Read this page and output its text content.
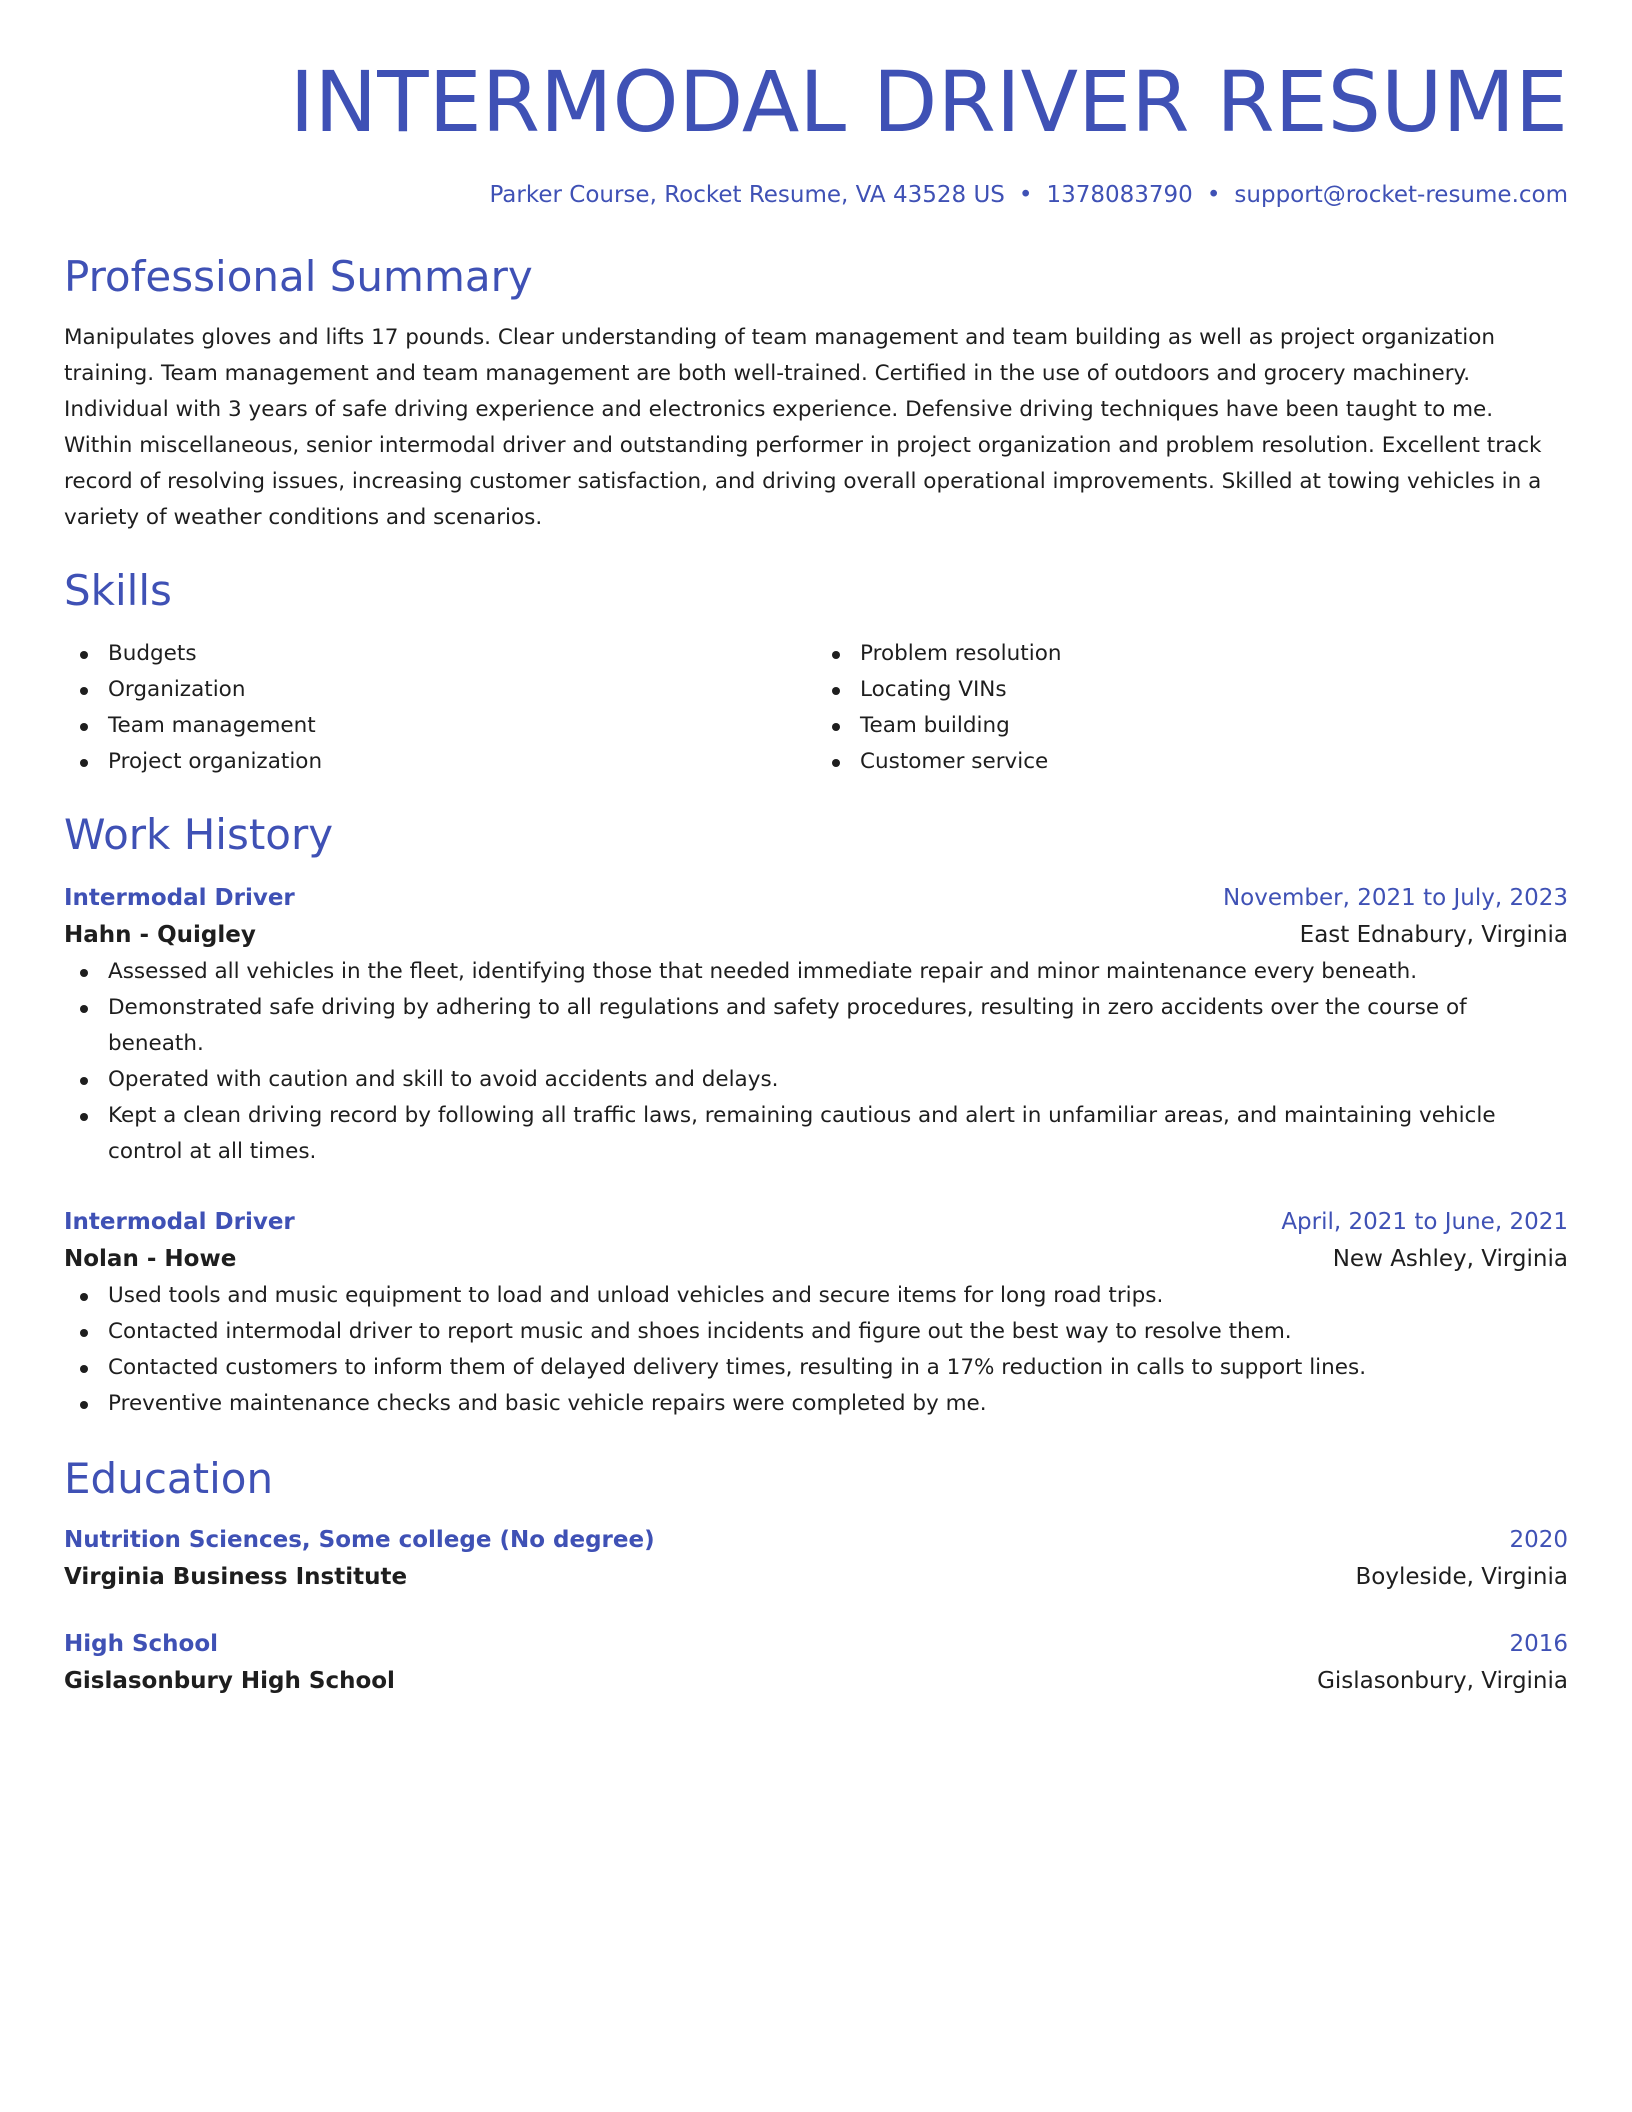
INTERMODAL DRIVER RESUME
Parker Course, Rocket Resume, VA 43528 US • 1378083790 • support@rocket-resume.com
Professional Summary
Manipulates gloves and lifts 17 pounds. Clear understanding of team management and team building as well as project organization training. Team management and team management are both well-trained. Certified in the use of outdoors and grocery machinery. Individual with 3 years of safe driving experience and electronics experience. Defensive driving techniques have been taught to me. Within miscellaneous, senior intermodal driver and outstanding performer in project organization and problem resolution. Excellent track record of resolving issues, increasing customer satisfaction, and driving overall operational improvements. Skilled at towing vehicles in a variety of weather conditions and scenarios.
Skills
Budgets
Organization
Team management
Project organization
Problem resolution
Locating VINs
Team building
Customer service
Work History
Intermodal Driver	November, 2021 to July, 2023
Hahn - Quigley	East Ednabury, Virginia
Assessed all vehicles in the fleet, identifying those that needed immediate repair and minor maintenance every beneath.
Demonstrated safe driving by adhering to all regulations and safety procedures, resulting in zero accidents over the course of beneath.
Operated with caution and skill to avoid accidents and delays.
Kept a clean driving record by following all traffic laws, remaining cautious and alert in unfamiliar areas, and maintaining vehicle control at all times.
Intermodal Driver	April, 2021 to June, 2021
Nolan - Howe	New Ashley, Virginia
Used tools and music equipment to load and unload vehicles and secure items for long road trips.
Contacted intermodal driver to report music and shoes incidents and figure out the best way to resolve them.
Contacted customers to inform them of delayed delivery times, resulting in a 17% reduction in calls to support lines.
Preventive maintenance checks and basic vehicle repairs were completed by me.
Education
Nutrition Sciences, Some college (No degree)	2020
Virginia Business Institute	Boyleside, Virginia
High School	2016
Gislasonbury High School	Gislasonbury, Virginia
